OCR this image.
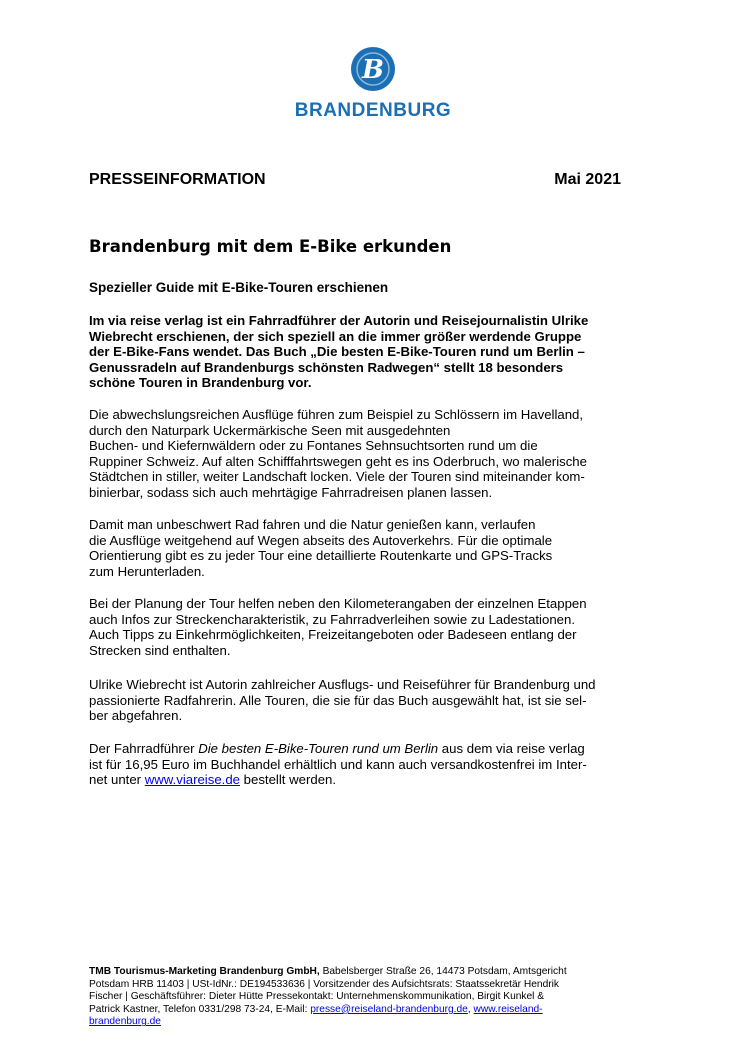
B
BRANDENBURG
PRESSEINFORMATION	Mai 2021
Brandenburg mit dem E-Bike erkunden
Spezieller Guide mit E-Bike-Touren erschienen

Im via reise verlag ist ein Fahrradführer der Autorin und Reisejournalistin Ulrike
Wiebrecht erschienen, der sich speziell an die immer größer werdende Gruppe
der E-Bike-Fans wendet. Das Buch „Die besten E-Bike-Touren rund um Berlin –
Genussradeln auf Brandenburgs schönsten Radwegen“ stellt 18 besonders
schöne Touren in Brandenburg vor.

Die abwechslungsreichen Ausflüge führen zum Beispiel zu Schlössern im Havelland,
durch den Naturpark Uckermärkische Seen mit ausgedehnten
Buchen- und Kiefernwäldern oder zu Fontanes Sehnsuchtsorten rund um die
Ruppiner Schweiz. Auf alten Schifffahrtswegen geht es ins Oderbruch, wo malerische
Städtchen in stiller, weiter Landschaft locken. Viele der Touren sind miteinander kom-
binierbar, sodass sich auch mehrtägige Fahrradreisen planen lassen.

Damit man unbeschwert Rad fahren und die Natur genießen kann, verlaufen
die Ausflüge weitgehend auf Wegen abseits des Autoverkehrs. Für die optimale
Orientierung gibt es zu jeder Tour eine detaillierte Routenkarte und GPS-Tracks
zum Herunterladen.

Bei der Planung der Tour helfen neben den Kilometerangaben der einzelnen Etappen
auch Infos zur Streckencharakteristik, zu Fahrradverleihen sowie zu Ladestationen.
Auch Tipps zu Einkehrmöglichkeiten, Freizeitangeboten oder Badeseen entlang der
Strecken sind enthalten.

Ulrike Wiebrecht ist Autorin zahlreicher Ausflugs- und Reiseführer für Brandenburg und
passionierte Radfahrerin. Alle Touren, die sie für das Buch ausgewählt hat, ist sie sel-
ber abgefahren.

Der Fahrradführer Die besten E-Bike-Touren rund um Berlin aus dem via reise verlag
ist für 16,95 Euro im Buchhandel erhältlich und kann auch versandkostenfrei im Inter-
net unter www.viareise.de bestellt werden.

TMB Tourismus-Marketing Brandenburg GmbH, Babelsberger Straße 26, 14473 Potsdam, Amtsgericht
Potsdam HRB 11403 | USt-IdNr.: DE194533636 | Vorsitzender des Aufsichtsrats: Staatssekretär Hendrik
Fischer | Geschäftsführer: Dieter Hütte Pressekontakt: Unternehmenskommunikation, Birgit Kunkel &
Patrick Kastner, Telefon 0331/298 73-24, E-Mail: presse@reiseland-brandenburg.de, www.reiseland-
brandenburg.de
